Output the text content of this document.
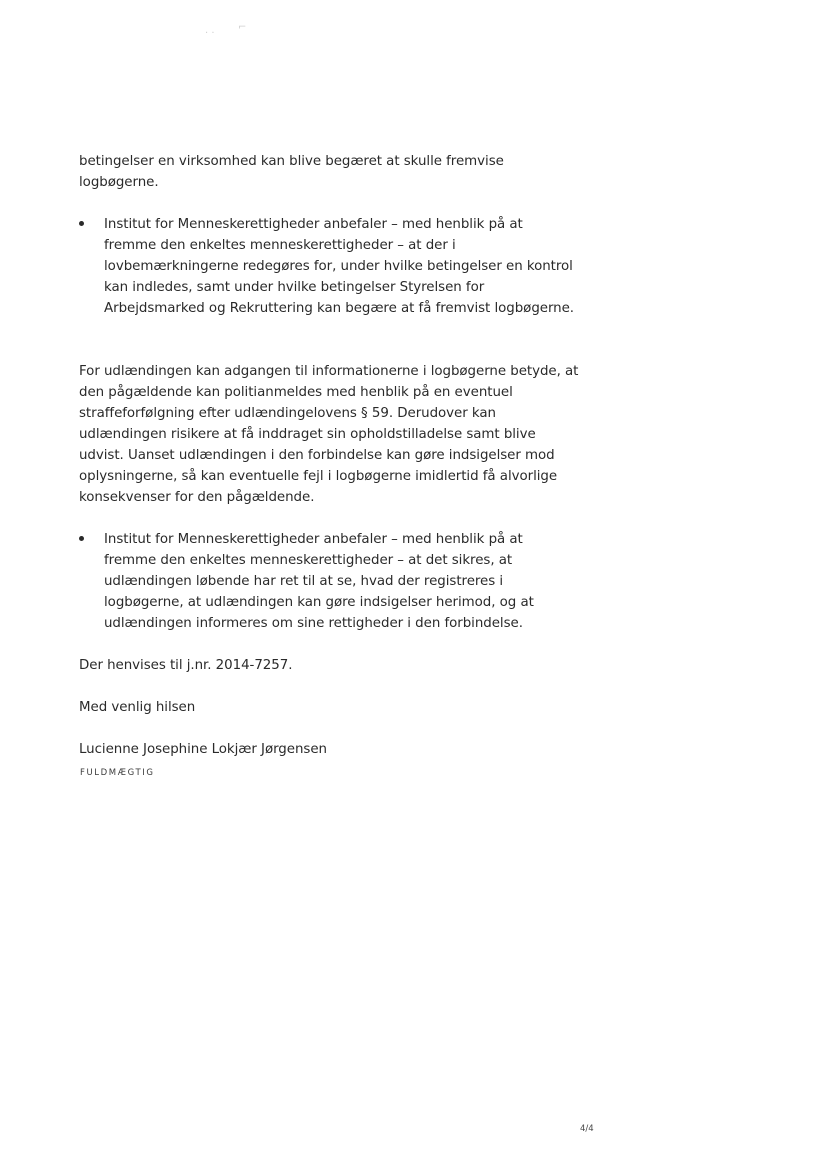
· ·
⌐

betingelser en virksomhed kan blive begæret at skulle fremvise logbøgerne.

Institut for Menneskerettigheder anbefaler – med henblik på at fremme den enkeltes menneskerettigheder – at der i lovbemærkningerne redegøres for, under hvilke betingelser en kontrol kan indledes, samt under hvilke betingelser Styrelsen for Arbejdsmarked og Rekruttering kan begære at få fremvist logbøgerne.

For udlændingen kan adgangen til informationerne i logbøgerne betyde, at den pågældende kan politianmeldes med henblik på en eventuel straffeforfølgning efter udlændingelovens § 59. Derudover kan udlændingen risikere at få inddraget sin opholdstilladelse samt blive udvist. Uanset udlændingen i den forbindelse kan gøre indsigelser mod oplysningerne, så kan eventuelle fejl i logbøgerne imidlertid få alvorlige konsekvenser for den pågældende.

Institut for Menneskerettigheder anbefaler – med henblik på at fremme den enkeltes menneskerettigheder – at det sikres, at udlændingen løbende har ret til at se, hvad der registreres i logbøgerne, at udlændingen kan gøre indsigelser herimod, og at udlændingen informeres om sine rettigheder i den forbindelse.

Der henvises til j.nr. 2014-7257.

Med venlig hilsen

Lucienne Josephine Lokjær Jørgensen

FULDMÆGTIG
4/4
